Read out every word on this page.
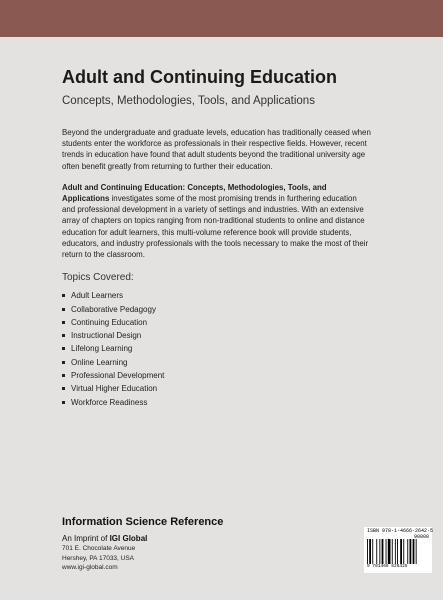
Adult and Continuing Education
Concepts, Methodologies, Tools, and Applications

Beyond the undergraduate and graduate levels, education has traditionally ceased when students enter the workforce as professionals in their respective fields. However, recent trends in education have found that adult students beyond the traditional university age often benefit greatly from returning to further their education.

Adult and Continuing Education: Concepts, Methodologies, Tools, and Applications investigates some of the most promising trends in furthering education and professional development in a variety of settings and industries. With an extensive array of chapters on topics ranging from non-traditional students to online and distance education for adult learners, this multi-volume reference book will provide students, educators, and industry professionals with the tools necessary to make the most of their return to the classroom.

Topics Covered:
Adult Learners
Collaborative Pedagogy
Continuing Education
Instructional Design
Lifelong Learning
Online Learning
Professional Development
Virtual Higher Education
Workforce Readiness
Information Science Reference
An Imprint of IGI Global
701 E. Chocolate Avenue
Hershey, PA 17033, USA
www.igi-global.com
ISBN 978-1-4666-2642-5
90000
9 781466 826425
